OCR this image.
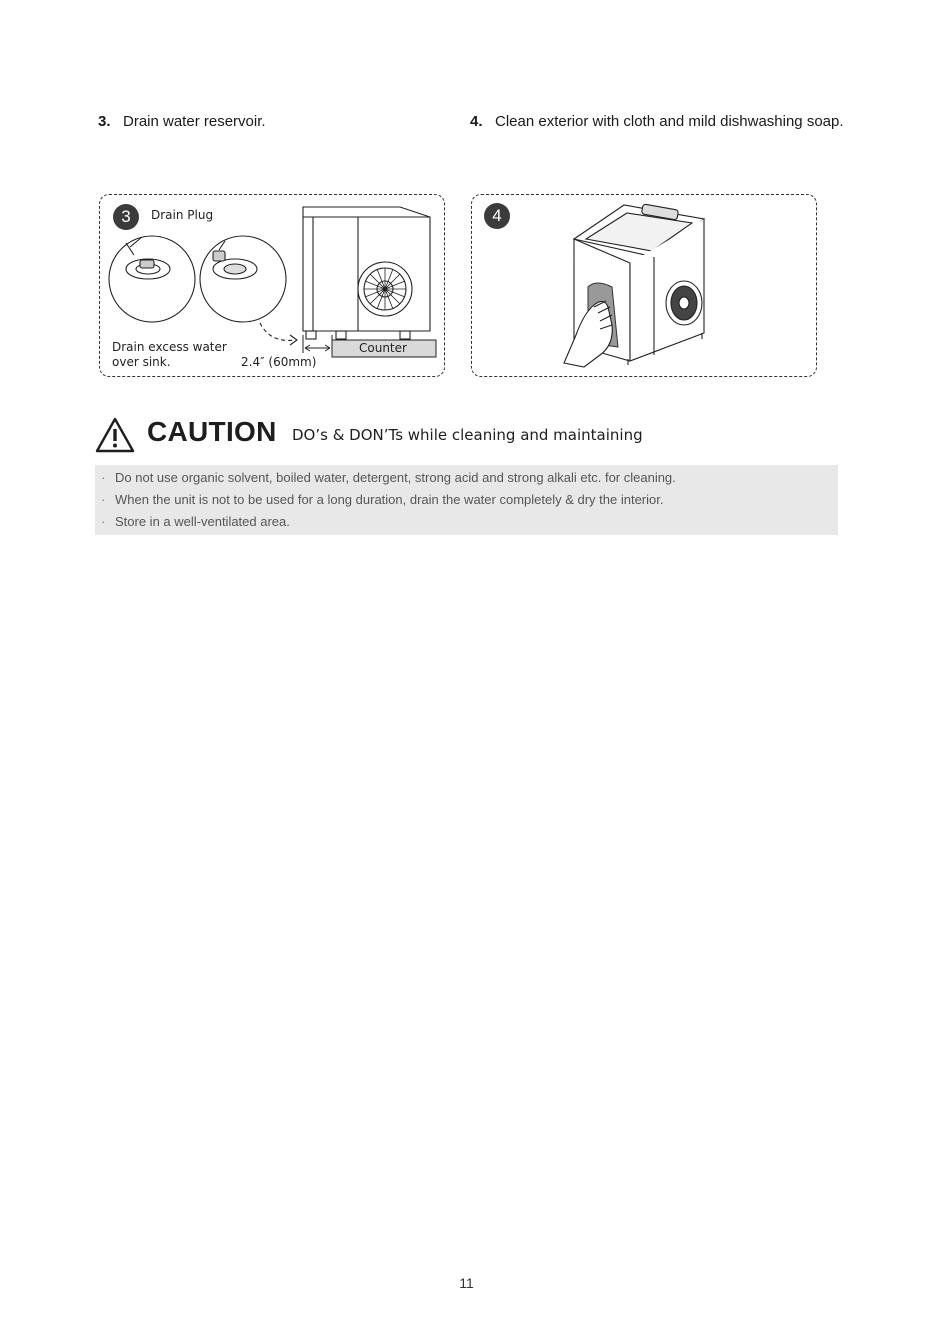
3. Drain water reservoir.	4. Clean exterior with cloth and mild dishwashing soap.
3	Drain Plug
Counter
Drain excess water
over sink.	2.4″ (60mm)
4
CAUTION DO’s & DON’Ts while cleaning and maintaining
· Do not use organic solvent, boiled water, detergent, strong acid and strong alkali etc. for cleaning.
· When the unit is not to be used for a long duration, drain the water completely & dry the interior.
· Store in a well-ventilated area.
11
